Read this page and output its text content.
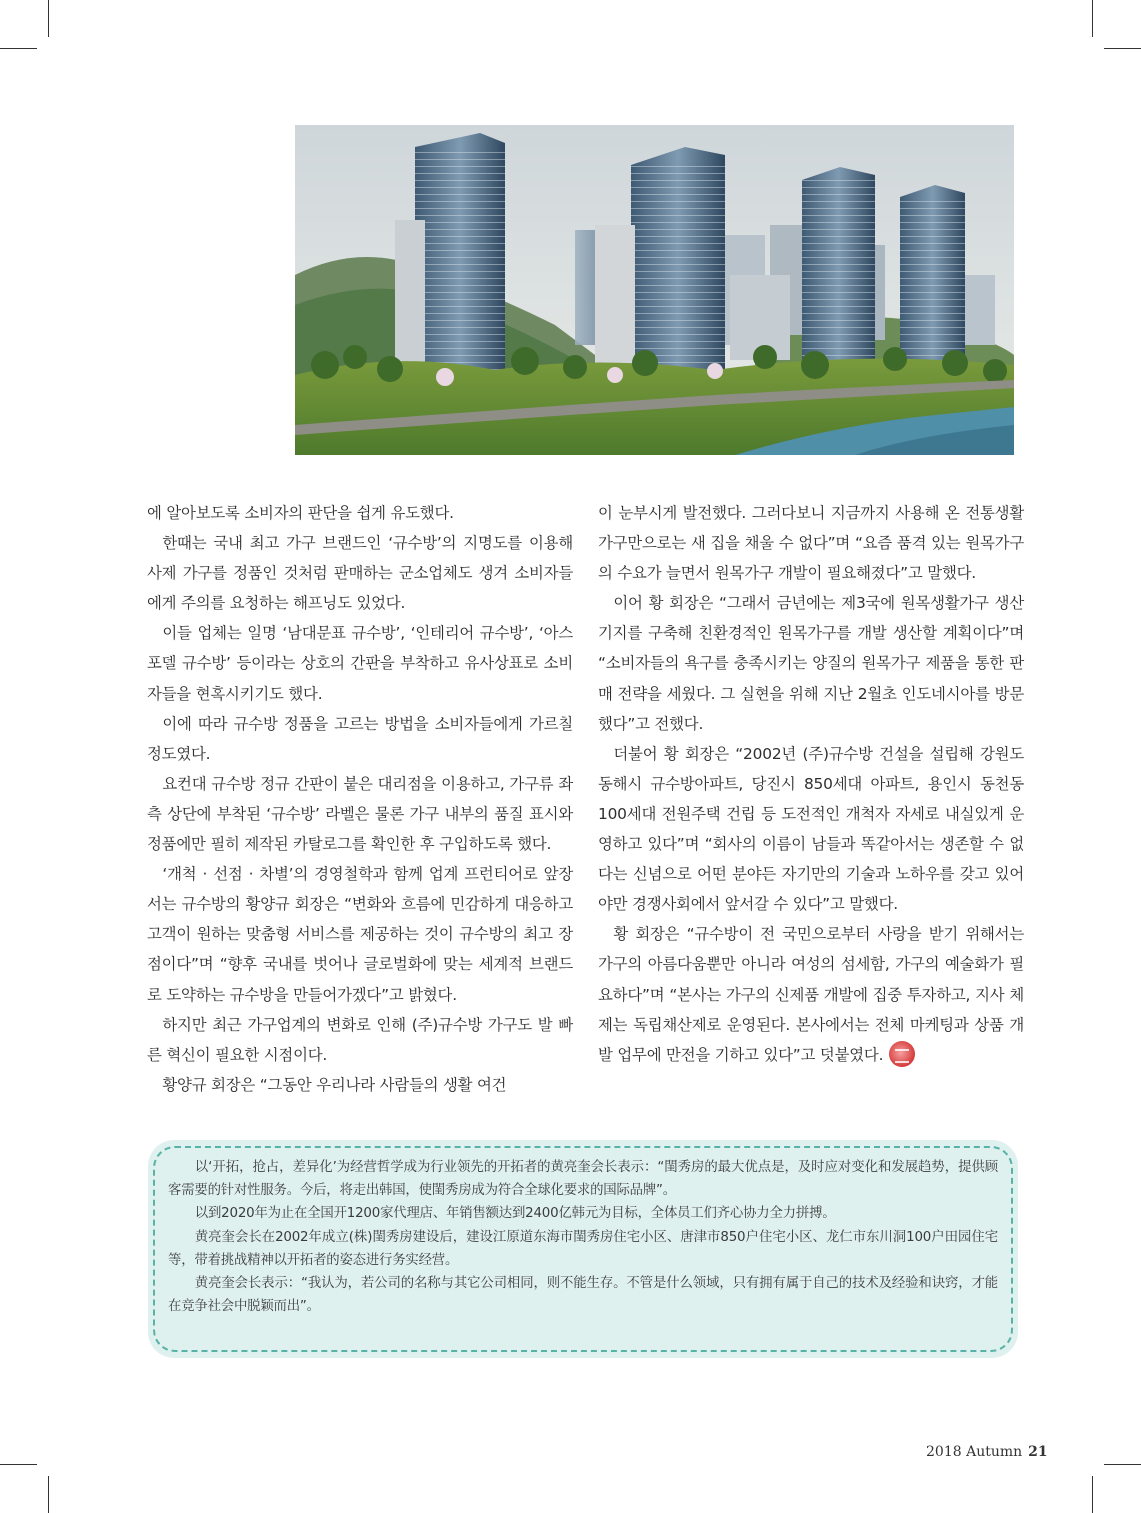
에 알아보도록 소비자의 판단을 쉽게 유도했다.

한때는 국내 최고 가구 브랜드인 ‘규수방’의 지명도를 이용해 사제 가구를 정품인 것처럼 판매하는 군소업체도 생겨 소비자들에게 주의를 요청하는 해프닝도 있었다.

이들 업체는 일명 ‘남대문표 규수방’, ‘인테리어 규수방’, ‘아스포델 규수방’ 등이라는 상호의 간판을 부착하고 유사상표로 소비자들을 현혹시키기도 했다.

이에 따라 규수방 정품을 고르는 방법을 소비자들에게 가르칠 정도였다.

요컨대 규수방 정규 간판이 붙은 대리점을 이용하고, 가구류 좌측 상단에 부착된 ‘규수방’ 라벨은 물론 가구 내부의 품질 표시와 정품에만 필히 제작된 카탈로그를 확인한 후 구입하도록 했다.

‘개척 · 선점 · 차별’의 경영철학과 함께 업계 프런티어로 앞장서는 규수방의 황양규 회장은 “변화와 흐름에 민감하게 대응하고 고객이 원하는 맞춤형 서비스를 제공하는 것이 규수방의 최고 장점이다”며 “향후 국내를 벗어나 글로벌화에 맞는 세계적 브랜드로 도약하는 규수방을 만들어가겠다”고 밝혔다.

하지만 최근 가구업계의 변화로 인해 (주)규수방 가구도 발 빠른 혁신이 필요한 시점이다.

황양규 회장은 “그동안 우리나라 사람들의 생활 여건

이 눈부시게 발전했다. 그러다보니 지금까지 사용해 온 전통생활가구만으로는 새 집을 채울 수 없다”며 “요즘 품격 있는 원목가구의 수요가 늘면서 원목가구 개발이 필요해졌다”고 말했다.

이어 황 회장은 “그래서 금년에는 제3국에 원목생활가구 생산기지를 구축해 친환경적인 원목가구를 개발 생산할 계획이다”며 “소비자들의 욕구를 충족시키는 양질의 원목가구 제품을 통한 판매 전략을 세웠다. 그 실현을 위해 지난 2월초 인도네시아를 방문했다”고 전했다.

더불어 황 회장은 “2002년 (주)규수방 건설을 설립해 강원도 동해시 규수방아파트, 당진시 850세대 아파트, 용인시 동천동 100세대 전원주택 건립 등 도전적인 개척자 자세로 내실있게 운영하고 있다”며 “회사의 이름이 남들과 똑같아서는 생존할 수 없다는 신념으로 어떤 분야든 자기만의 기술과 노하우를 갖고 있어야만 경쟁사회에서 앞서갈 수 있다”고 말했다.

황 회장은 “규수방이 전 국민으로부터 사랑을 받기 위해서는 가구의 아름다움뿐만 아니라 여성의 섬세함, 가구의 예술화가 필요하다”며 “본사는 가구의 신제품 개발에 집중 투자하고, 지사 체제는 독립채산제로 운영된다. 본사에서는 전체 마케팅과 상품 개발 업무에 만전을 기하고 있다”고 덧붙였다.

以‘开拓，抢占，差异化’为经营哲学成为行业领先的开拓者的黄亮奎会长表示：“閨秀房的最大优点是，及时应对变化和发展趋势，提供顾客需要的针对性服务。今后，将走出韩国，使閨秀房成为符合全球化要求的国际品牌”。

以到2020年为止在全国开1200家代理店、年销售额达到2400亿韩元为目标，全体员工们齐心协力全力拼搏。

黄亮奎会长在2002年成立(株)閨秀房建设后，建设江原道东海市閨秀房住宅小区、唐津市850户住宅小区、龙仁市东川洞100户田园住宅等，带着挑战精神以开拓者的姿态进行务实经营。

黄亮奎会长表示：“我认为，若公司的名称与其它公司相同，则不能生存。不管是什么领域，只有拥有属于自己的技术及经验和诀窍，才能在竞争社会中脱颖而出”。

2018 Autumn 21
